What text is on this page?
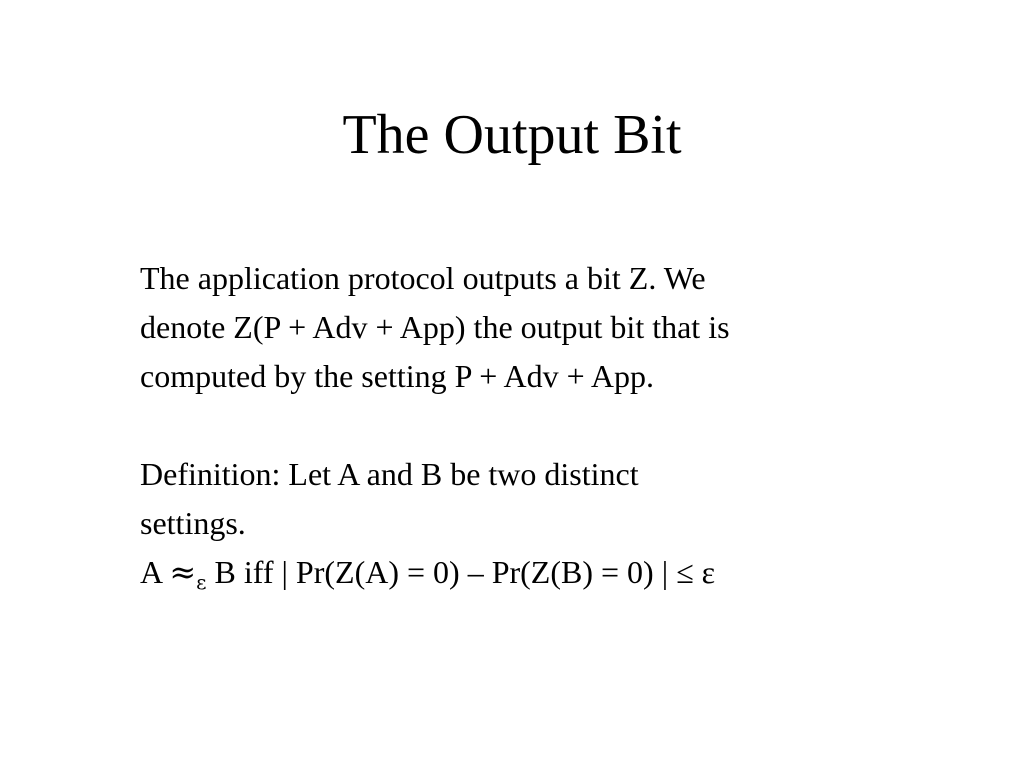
The Output Bit
The application protocol outputs a bit Z. We
denote Z(P + Adv + App) the output bit that is
computed by the setting P + Adv + App.
Definition: Let A and B be two distinct
settings.
A ≈ε B iff | Pr(Z(A) = 0) – Pr(Z(B) = 0) | ≤ ε
